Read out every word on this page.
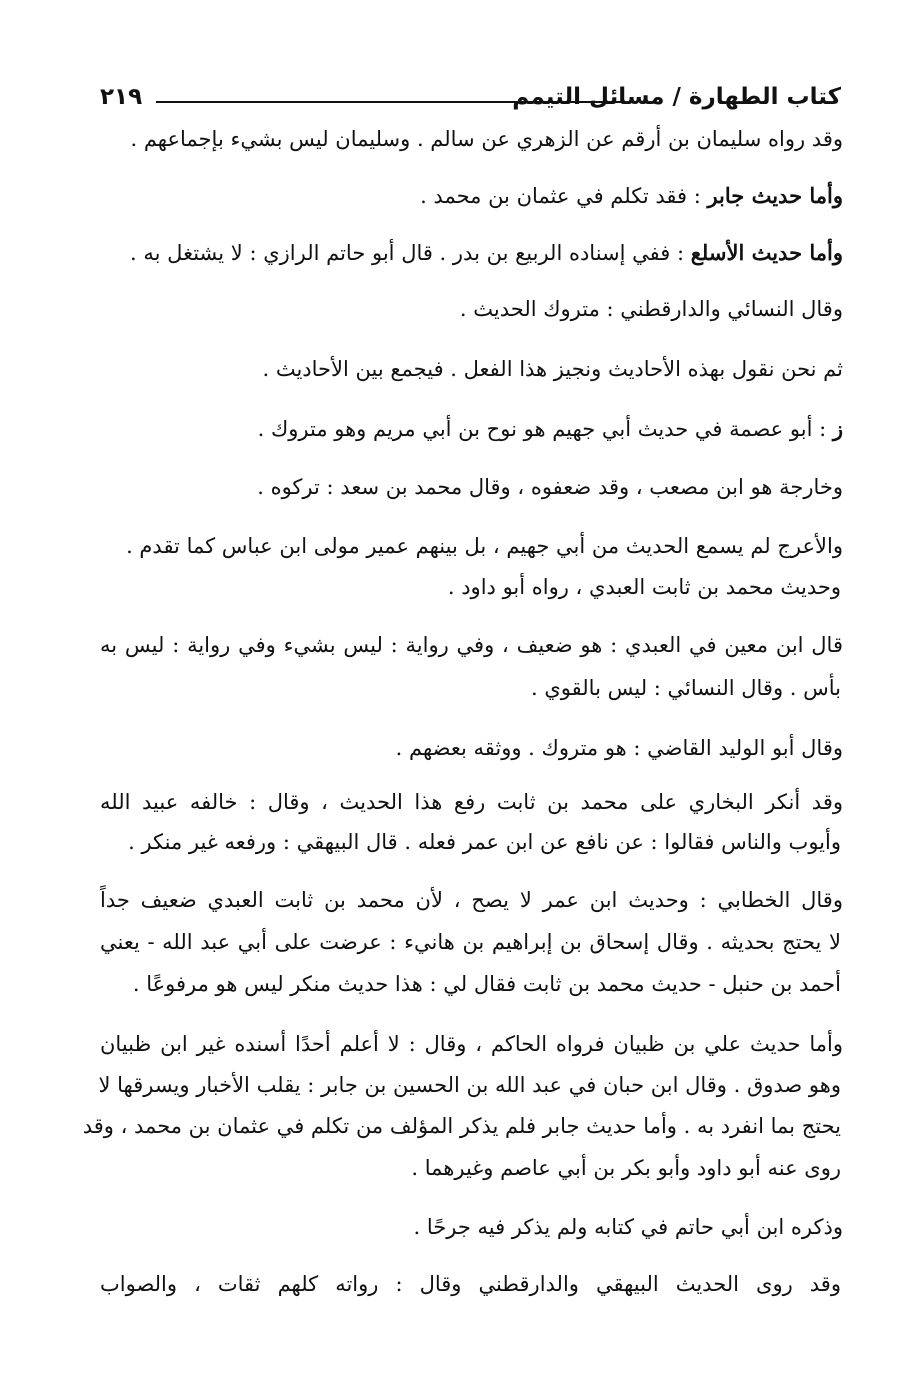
كتاب الطهارة / مسائل التيمم
٢١٩
وقد رواه سليمان بن أرقم عن الزهري عن سالم . وسليمان ليس بشيء بإجماعهم .
وأما حديث جابر : فقد تكلم في عثمان بن محمد .
وأما حديث الأسلع : ففي إسناده الربيع بن بدر . قال أبو حاتم الرازي : لا يشتغل به .
وقال النسائي والدارقطني : متروك الحديث .
ثم نحن نقول بهذه الأحاديث ونجيز هذا الفعل . فيجمع بين الأحاديث .
ز : أبو عصمة في حديث أبي جهيم هو نوح بن أبي مريم وهو متروك .
وخارجة هو ابن مصعب ، وقد ضعفوه ، وقال محمد بن سعد : تركوه .
والأعرج لم يسمع الحديث من أبي جهيم ، بل بينهم عمير مولى ابن عباس كما تقدم .
وحديث محمد بن ثابت العبدي ، رواه أبو داود .
قال ابن معين في العبدي : هو ضعيف ، وفي رواية : ليس بشيء وفي رواية : ليس به
بأس . وقال النسائي : ليس بالقوي .
وقال أبو الوليد القاضي : هو متروك . ووثقه بعضهم .
وقد أنكر البخاري على محمد بن ثابت رفع هذا الحديث ، وقال : خالفه عبيد الله
وأيوب والناس فقالوا : عن نافع عن ابن عمر فعله . قال البيهقي : ورفعه غير منكر .
وقال الخطابي : وحديث ابن عمر لا يصح ، لأن محمد بن ثابت العبدي ضعيف جداً
لا يحتج بحديثه . وقال إسحاق بن إبراهيم بن هانيء : عرضت على أبي عبد الله - يعني
أحمد بن حنبل - حديث محمد بن ثابت فقال لي : هذا حديث منكر ليس هو مرفوعًا .
وأما حديث علي بن ظبيان فرواه الحاكم ، وقال : لا أعلم أحدًا أسنده غير ابن ظبيان
وهو صدوق . وقال ابن حبان في عبد الله بن الحسين بن جابر : يقلب الأخبار ويسرقها لا
يحتج بما انفرد به . وأما حديث جابر فلم يذكر المؤلف من تكلم في عثمان بن محمد ، وقد
روى عنه أبو داود وأبو بكر بن أبي عاصم وغيرهما .
وذكره ابن أبي حاتم في كتابه ولم يذكر فيه جرحًا .
وقد روى الحديث البيهقي والدارقطني وقال : رواته كلهم ثقات ، والصواب
